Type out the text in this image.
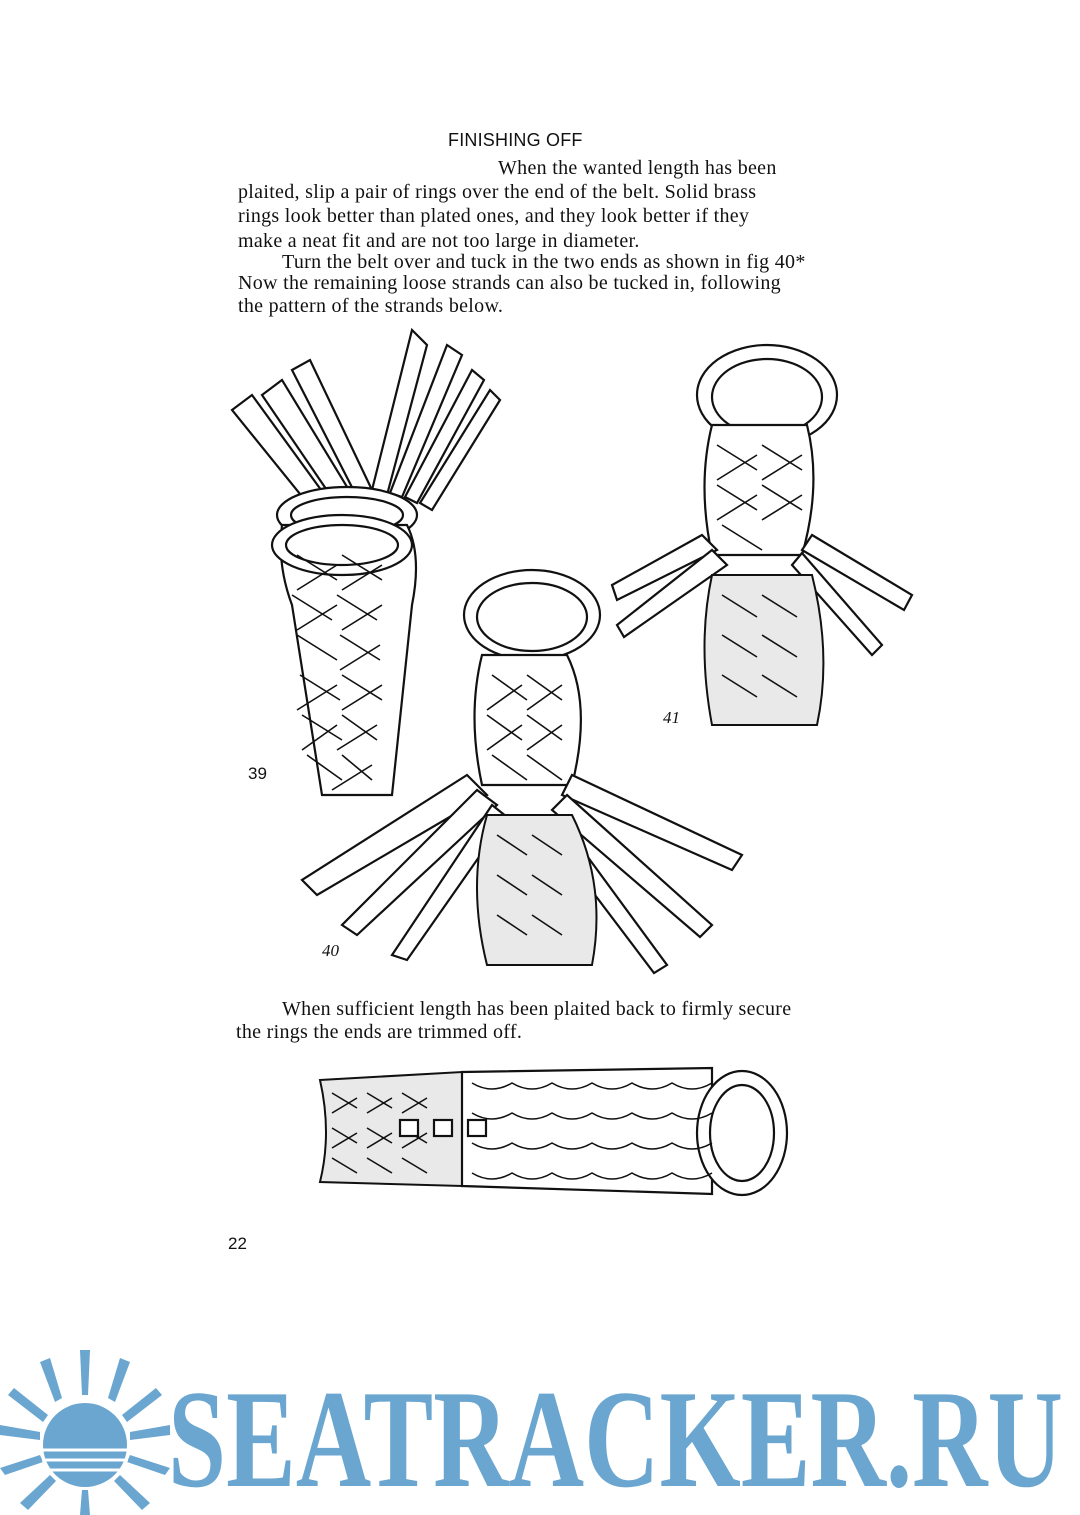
FINISHING OFF
When the wanted length has been
plaited, slip a pair of rings over the end of the belt. Solid brass
rings look better than plated ones, and they look better if they
make a neat fit and are not too large in diameter.
Turn the belt over and tuck in the two ends as shown in fig 40*
Now the remaining loose strands can also be tucked in, following
the pattern of the strands below.
39
40
41
When sufficient length has been plaited back to firmly secure
the rings the ends are trimmed off.
22
SEATRACKER.RU
